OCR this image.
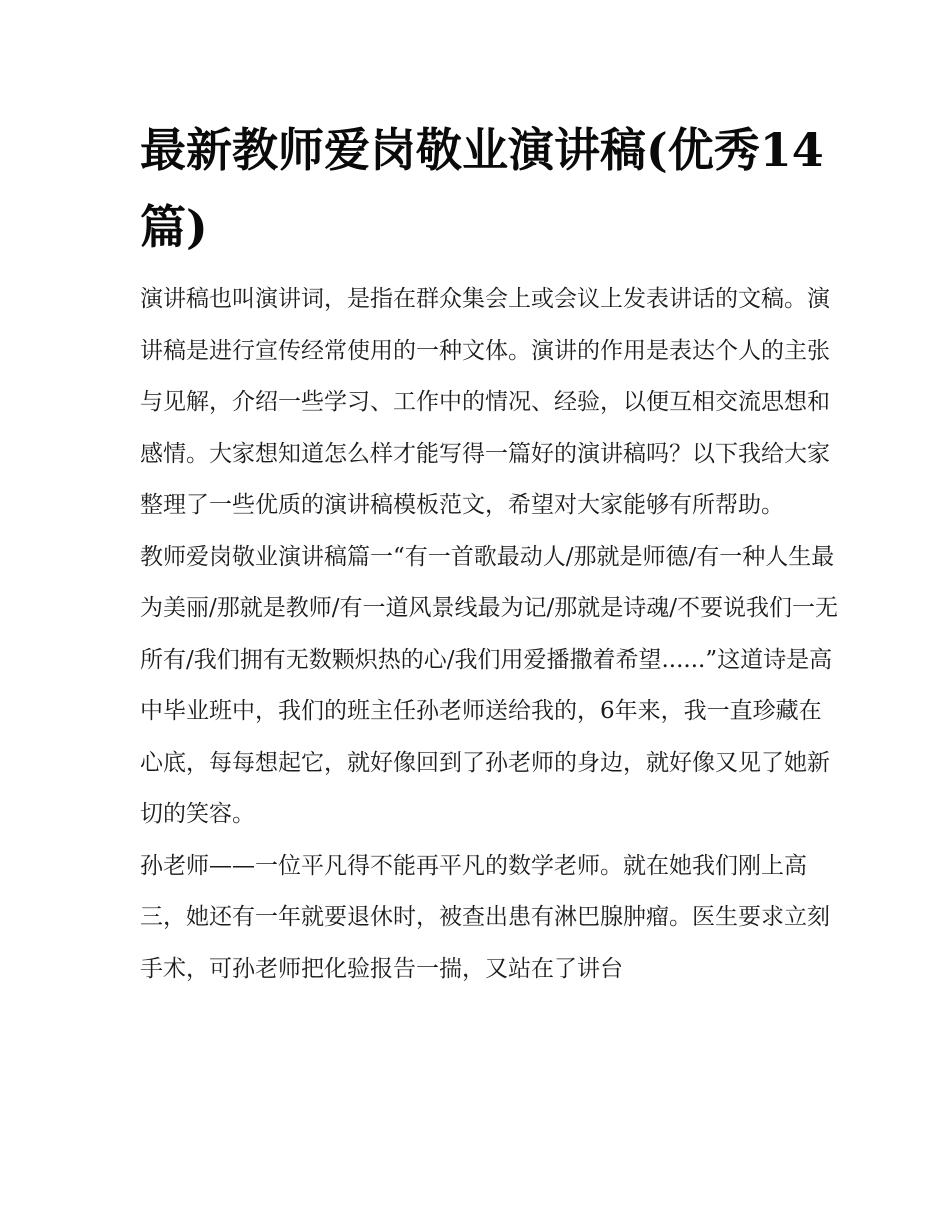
最新教师爱岗敬业演讲稿(优秀14篇)

演讲稿也叫演讲词，是指在群众集会上或会议上发表讲话的文稿。演讲稿是进行宣传经常使用的一种文体。演讲的作用是表达个人的主张与见解，介绍一些学习、工作中的情况、经验，以便互相交流思想和感情。大家想知道怎么样才能写得一篇好的演讲稿吗？以下我给大家整理了一些优质的演讲稿模板范文，希望对大家能够有所帮助。

教师爱岗敬业演讲稿篇一“有一首歌最动人/那就是师德/有一种人生最为美丽/那就是教师/有一道风景线最为记/那就是诗魂/不要说我们一无所有/我们拥有无数颗炽热的心/我们用爱播撒着希望......”这道诗是高中毕业班中，我们的班主任孙老师送给我的，6年来，我一直珍藏在心底，每每想起它，就好像回到了孙老师的身边，就好像又见了她新切的笑容。

孙老师——一位平凡得不能再平凡的数学老师。就在她我们刚上高三，她还有一年就要退休时，被查出患有淋巴腺肿瘤。医生要求立刻手术，可孙老师把化验报告一揣，又站在了讲台
